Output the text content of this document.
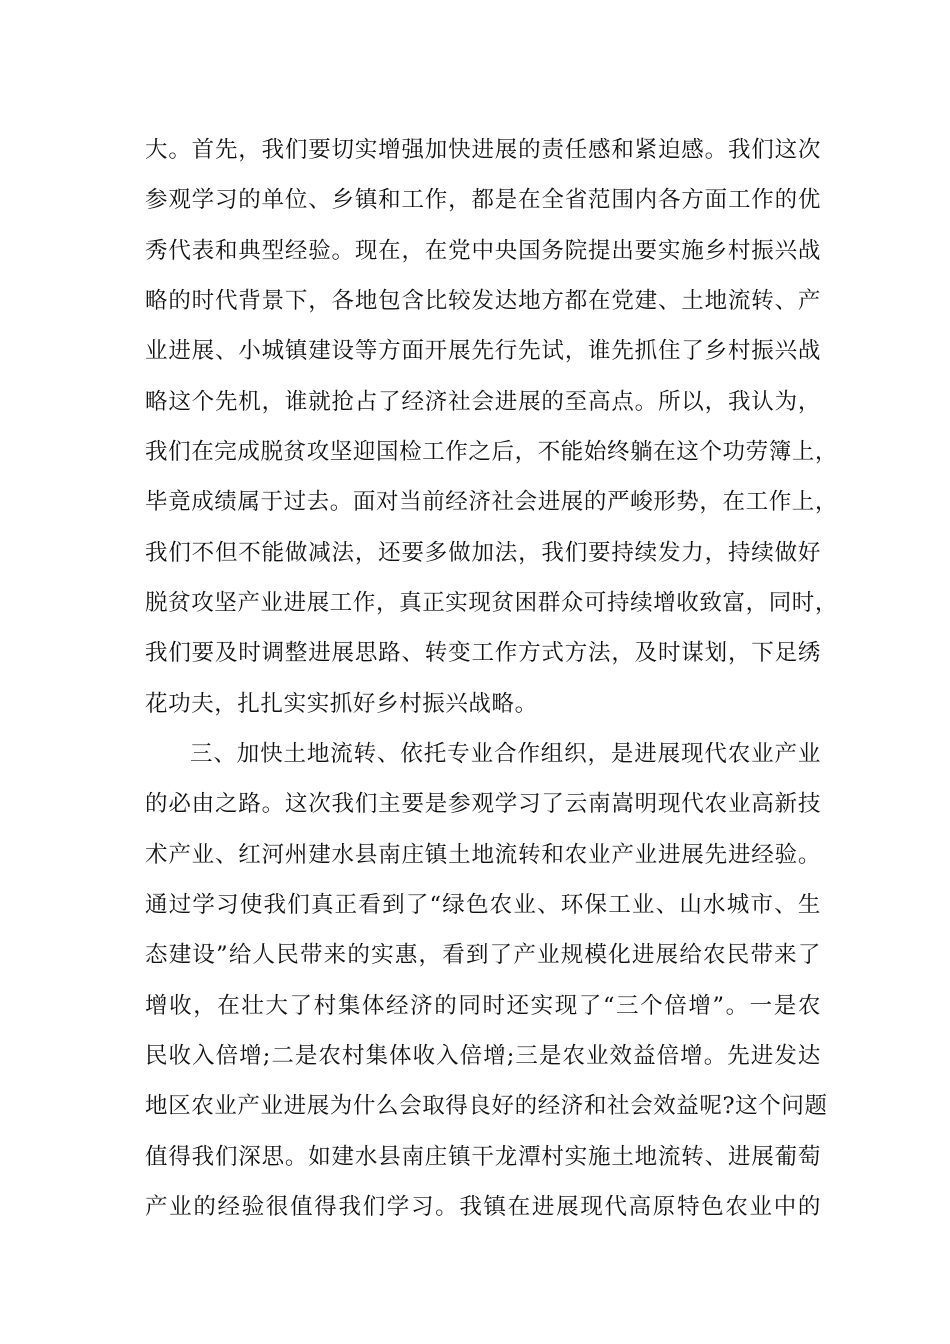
大。首先，我们要切实增强加快进展的责任感和紧迫感。我们这次
参观学习的单位、乡镇和工作，都是在全省范围内各方面工作的优
秀代表和典型经验。现在，在党中央国务院提出要实施乡村振兴战
略的时代背景下，各地包含比较发达地方都在党建、土地流转、产
业进展、小城镇建设等方面开展先行先试，谁先抓住了乡村振兴战
略这个先机，谁就抢占了经济社会进展的至高点。所以，我认为，
我们在完成脱贫攻坚迎国检工作之后，不能始终躺在这个功劳簿上，
毕竟成绩属于过去。面对当前经济社会进展的严峻形势，在工作上，
我们不但不能做减法，还要多做加法，我们要持续发力，持续做好
脱贫攻坚产业进展工作，真正实现贫困群众可持续增收致富，同时，
我们要及时调整进展思路、转变工作方式方法，及时谋划，下足绣
花功夫，扎扎实实抓好乡村振兴战略。
三、加快土地流转、依托专业合作组织，是进展现代农业产业
的必由之路。这次我们主要是参观学习了云南嵩明现代农业高新技
术产业、红河州建水县南庄镇土地流转和农业产业进展先进经验。
通过学习使我们真正看到了“绿色农业、环保工业、山水城市、生
态建设”给人民带来的实惠，看到了产业规模化进展给农民带来了
增收，在壮大了村集体经济的同时还实现了“三个倍增”。一是农
民收入倍增;二是农村集体收入倍增;三是农业效益倍增。先进发达
地区农业产业进展为什么会取得良好的经济和社会效益呢?这个问题
值得我们深思。如建水县南庄镇干龙潭村实施土地流转、进展葡萄
产业的经验很值得我们学习。我镇在进展现代高原特色农业中的
